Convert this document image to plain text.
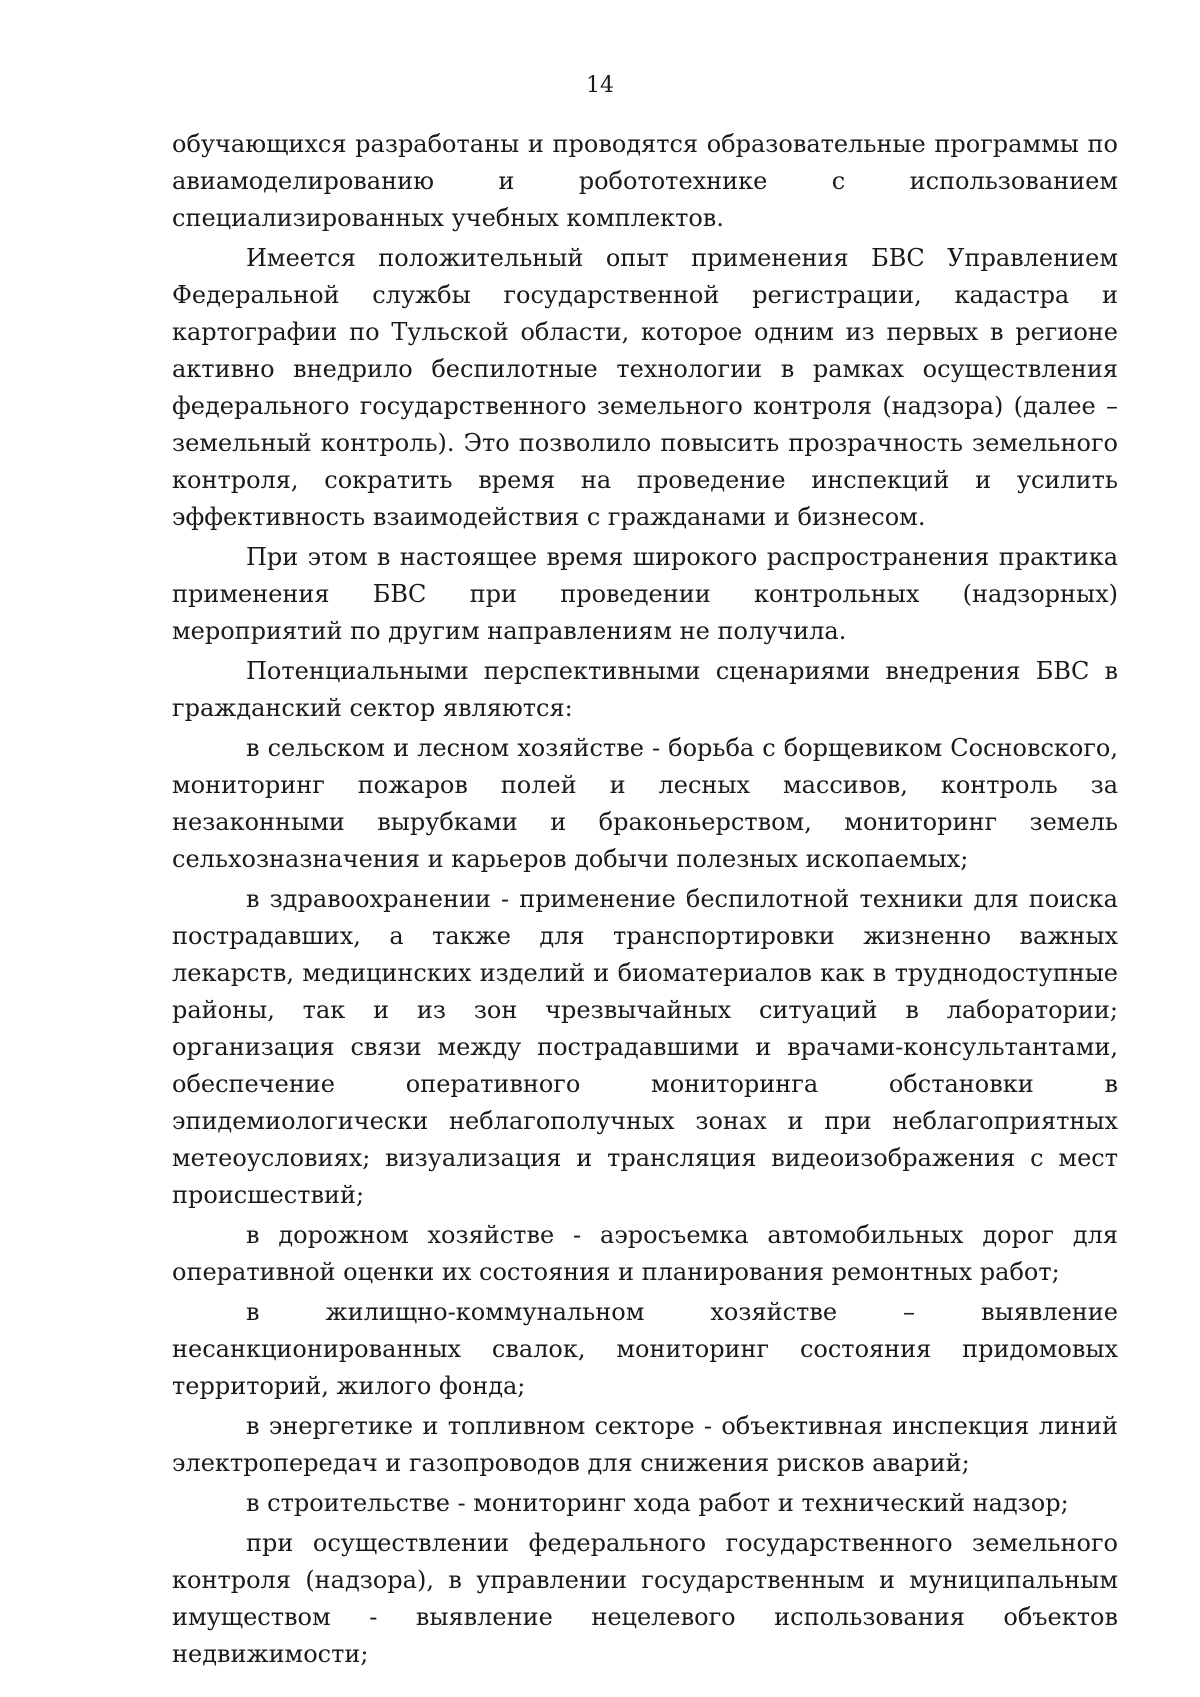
14

обучающихся разработаны и проводятся образовательные программы по авиамоделированию и робототехнике с использованием специализированных учебных комплектов.

Имеется положительный опыт применения БВС Управлением Федеральной службы государственной регистрации, кадастра и картографии по Тульской области, которое одним из первых в регионе активно внедрило беспилотные технологии в рамках осуществления федерального государственного земельного контроля (надзора) (далее – земельный контроль). Это позволило повысить прозрачность земельного контроля, сократить время на проведение инспекций и усилить эффективность взаимодействия с гражданами и бизнесом.

При этом в настоящее время широкого распространения практика применения БВС при проведении контрольных (надзорных) мероприятий по другим направлениям не получила.

Потенциальными перспективными сценариями внедрения БВС в гражданский сектор являются:

в сельском и лесном хозяйстве - борьба с борщевиком Сосновского, мониторинг пожаров полей и лесных массивов, контроль за незаконными вырубками и браконьерством, мониторинг земель сельхозназначения и карьеров добычи полезных ископаемых;

в здравоохранении - применение беспилотной техники для поиска пострадавших, а также для транспортировки жизненно важных лекарств, медицинских изделий и биоматериалов как в труднодоступные районы, так и из зон чрезвычайных ситуаций в лаборатории; организация связи между пострадавшими и врачами-консультантами, обеспечение оперативного мониторинга обстановки в эпидемиологически неблагополучных зонах и при неблагоприятных метеоусловиях; визуализация и трансляция видеоизображения с мест происшествий;

в дорожном хозяйстве - аэросъемка автомобильных дорог для оперативной оценки их состояния и планирования ремонтных работ;

в жилищно-коммунальном хозяйстве – выявление несанкционированных свалок, мониторинг состояния придомовых территорий, жилого фонда;

в энергетике и топливном секторе - объективная инспекция линий электропередач и газопроводов для снижения рисков аварий;

в строительстве - мониторинг хода работ и технический надзор;

при осуществлении федерального государственного земельного контроля (надзора), в управлении государственным и муниципальным имуществом - выявление нецелевого использования объектов недвижимости;
